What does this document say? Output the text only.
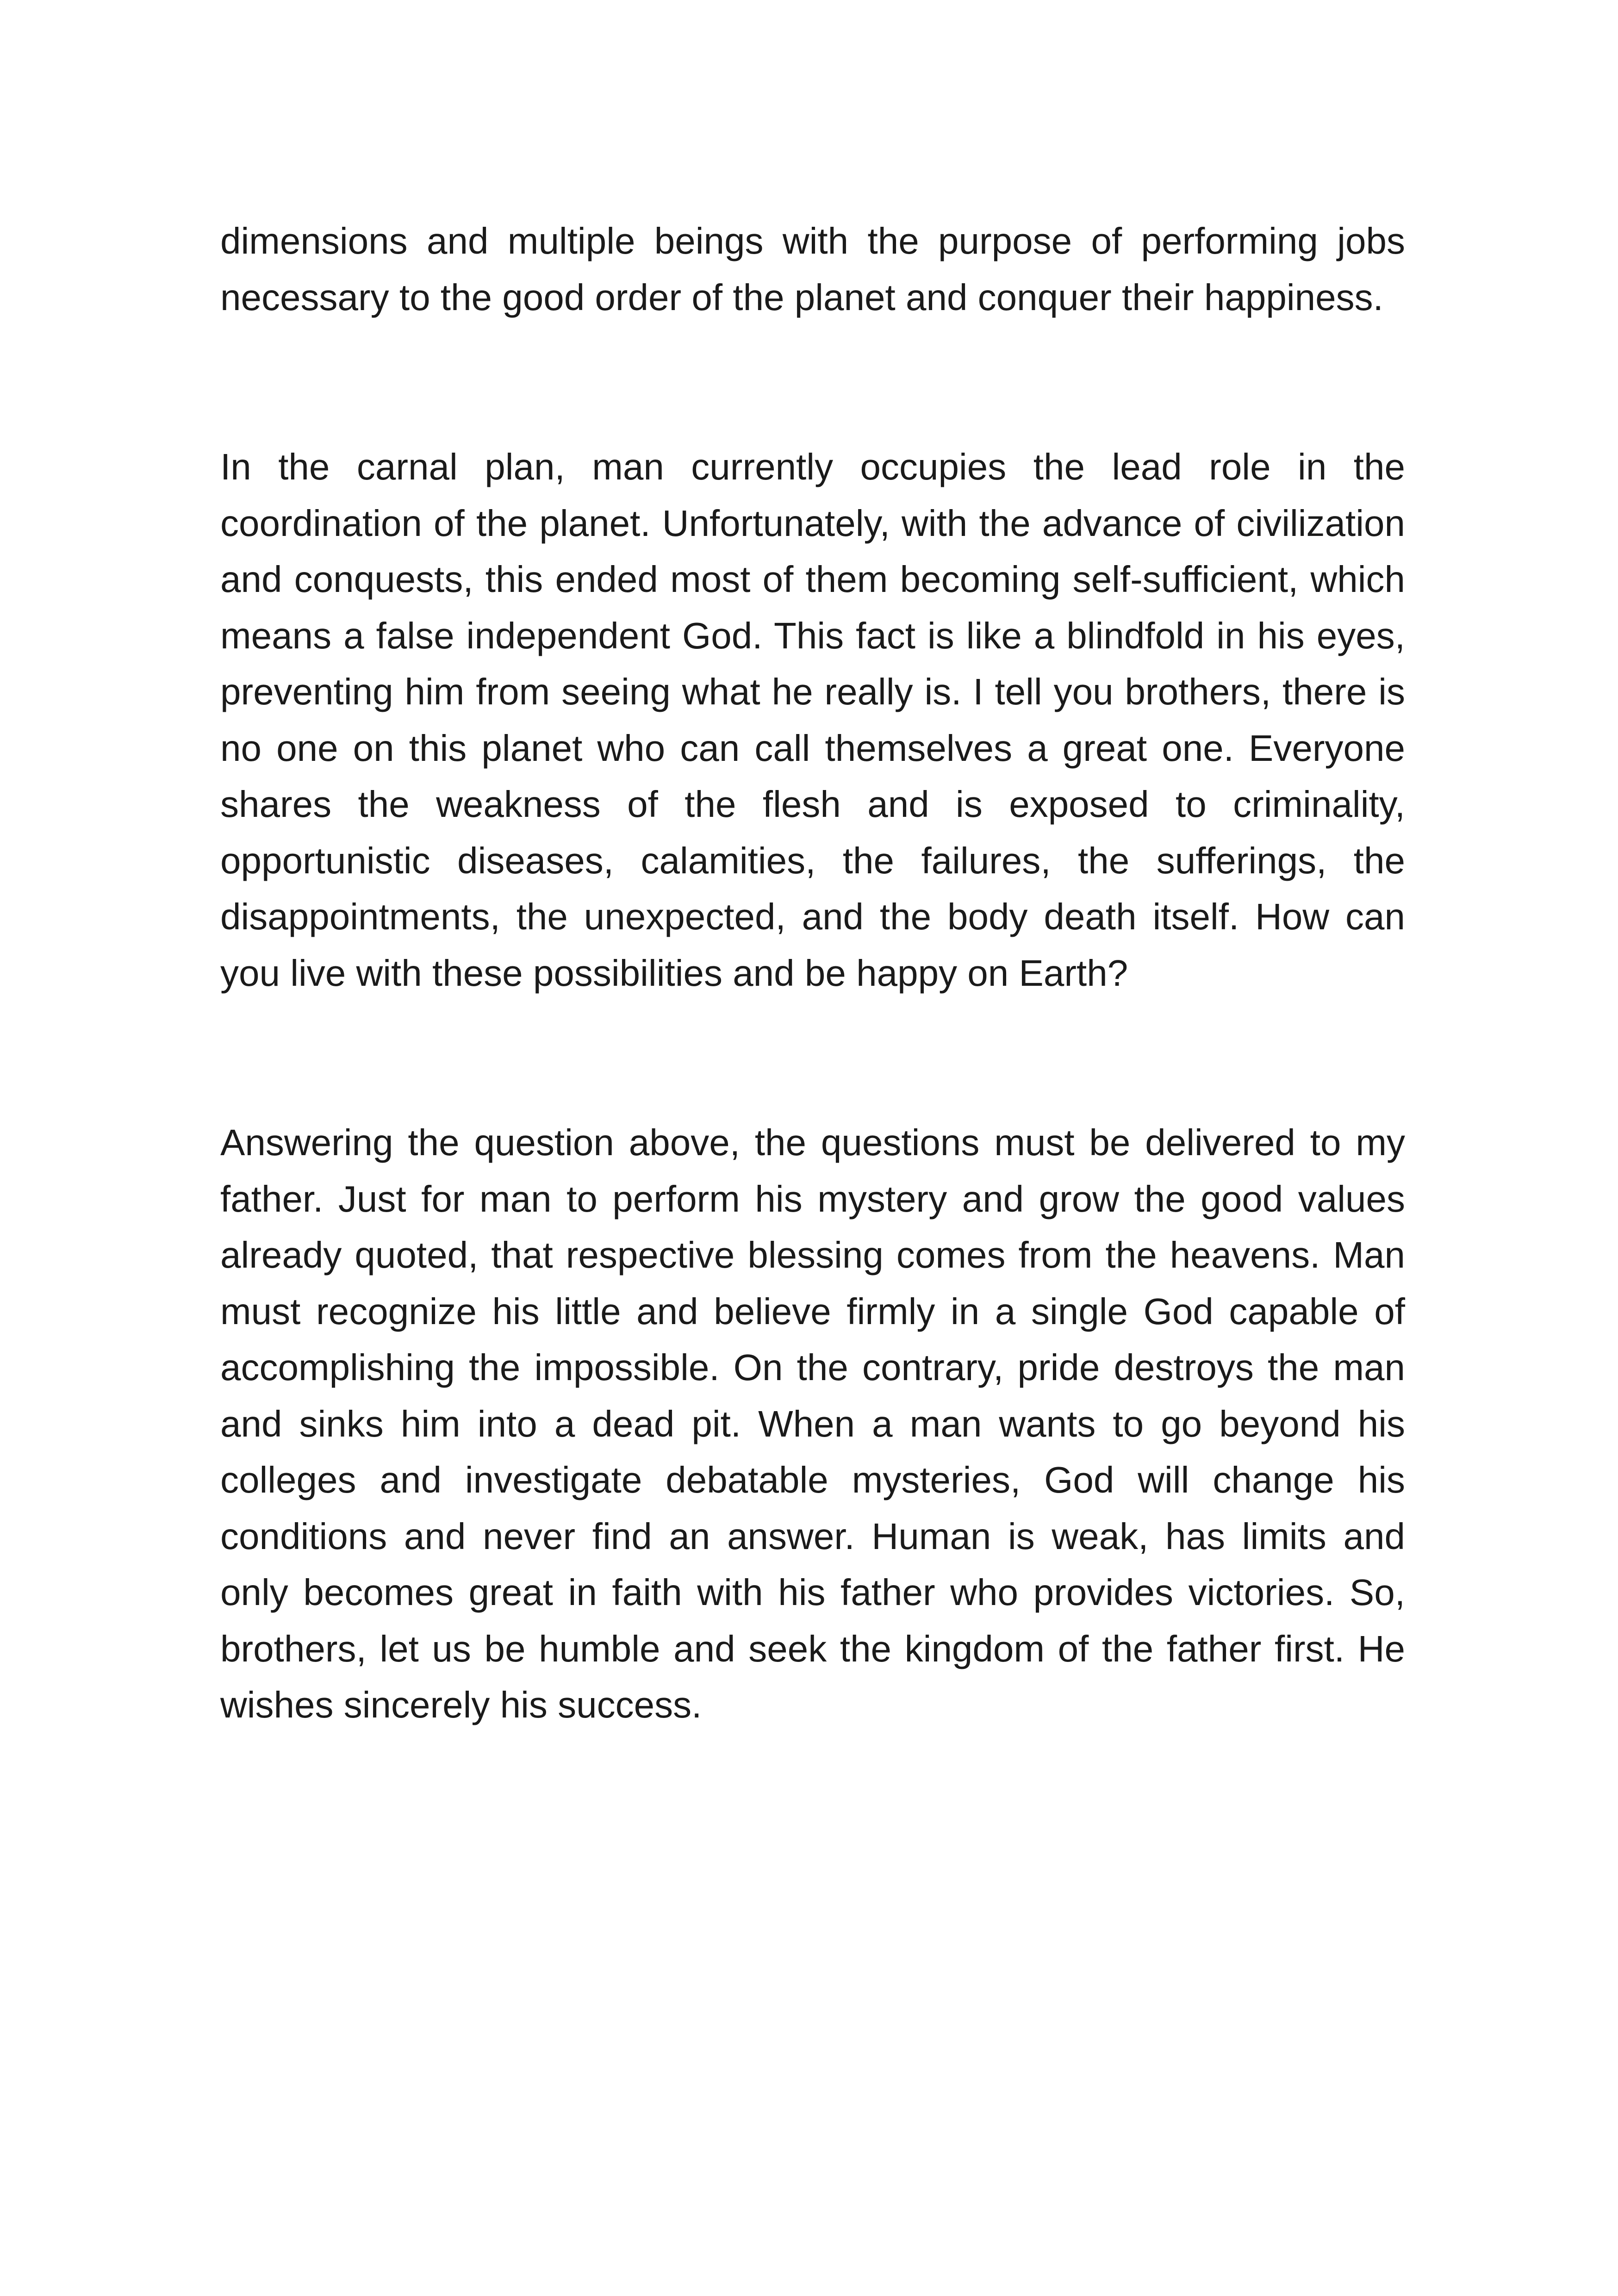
dimensions and multiple beings with the purpose of performing jobs necessary to the good order of the planet and conquer their happiness.

In the carnal plan, man currently occupies the lead role in the coordination of the planet. Unfortunately, with the advance of civilization and conquests, this ended most of them becoming self-sufficient, which means a false independent God. This fact is like a blindfold in his eyes, preventing him from seeing what he really is. I tell you brothers, there is no one on this planet who can call themselves a great one. Everyone shares the weakness of the flesh and is exposed to criminality, opportunistic diseases, calamities, the failures, the sufferings, the disappointments, the unexpected, and the body death itself. How can you live with these possibilities and be happy on Earth?

Answering the question above, the questions must be delivered to my father. Just for man to perform his mystery and grow the good values already quoted, that respective blessing comes from the heavens. Man must recognize his little and believe firmly in a single God capable of accomplishing the impossible. On the contrary, pride destroys the man and sinks him into a dead pit. When a man wants to go beyond his colleges and investigate debatable mysteries, God will change his conditions and never find an answer. Human is weak, has limits and only becomes great in faith with his father who provides victories. So, brothers, let us be humble and seek the kingdom of the father first. He wishes sincerely his success.
